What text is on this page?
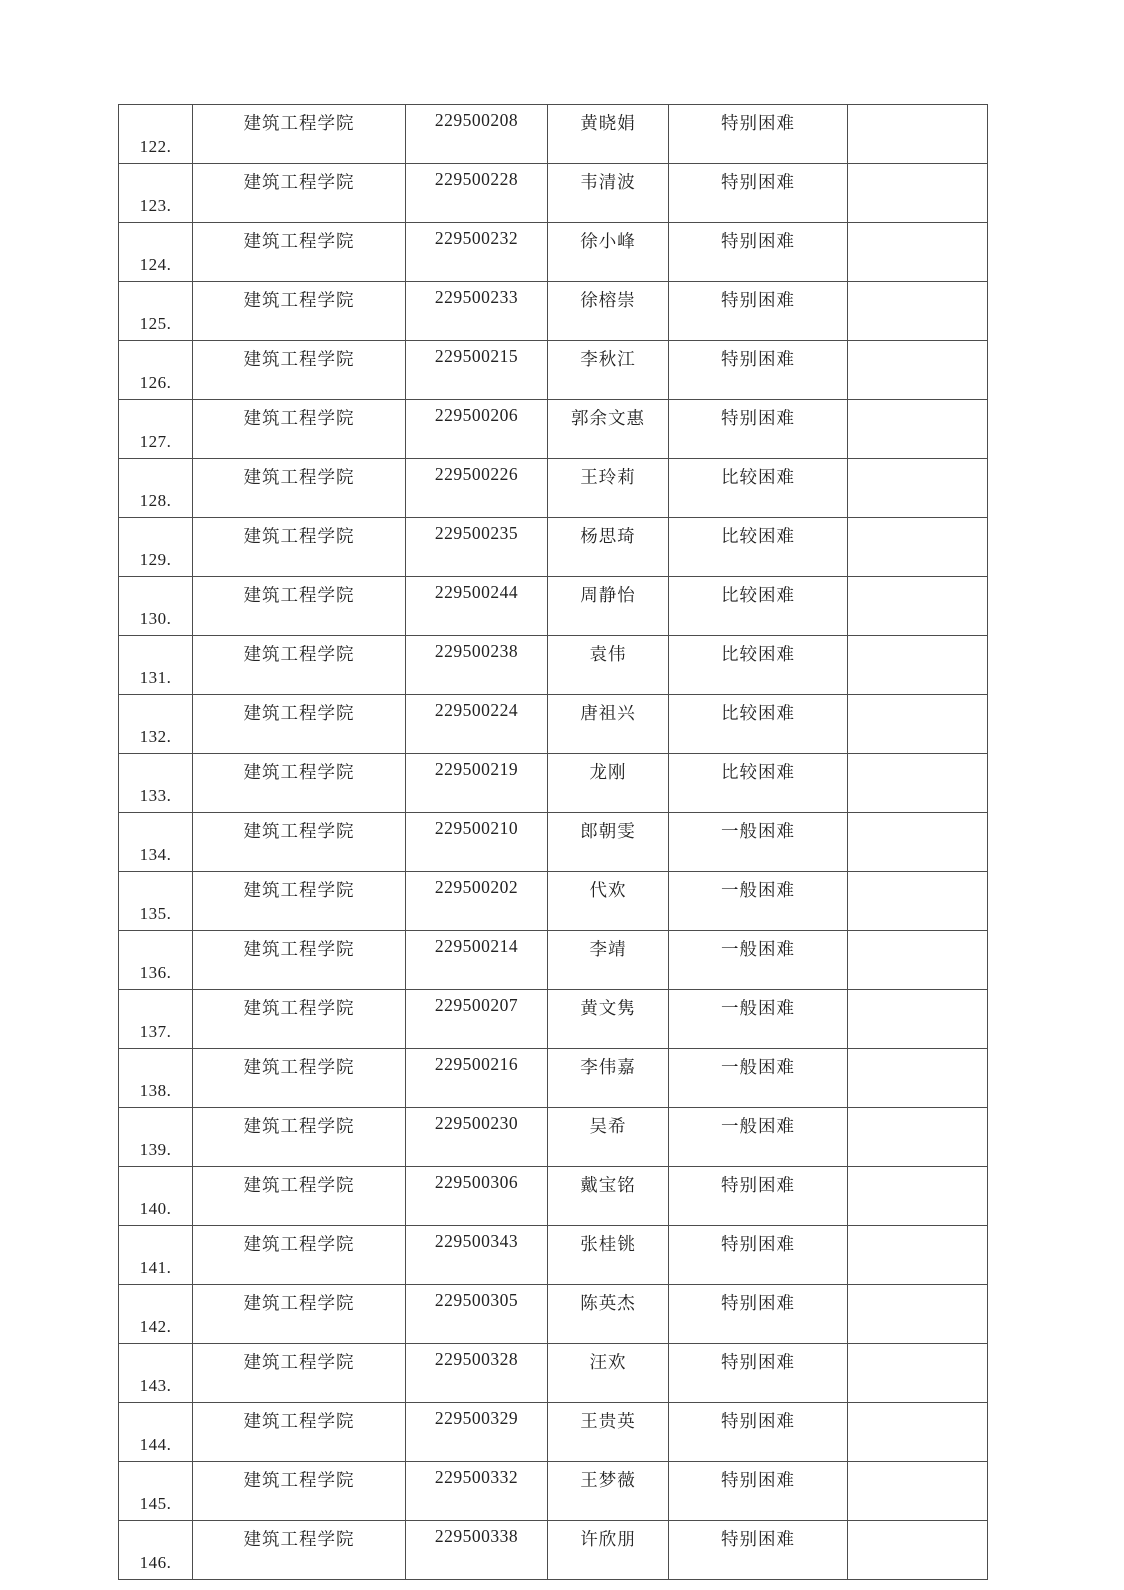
122.	建筑工程学院	229500208	黄晓娟	特别困难	
123.	建筑工程学院	229500228	韦清波	特别困难	
124.	建筑工程学院	229500232	徐小峰	特别困难	
125.	建筑工程学院	229500233	徐榕崇	特别困难	
126.	建筑工程学院	229500215	李秋江	特别困难	
127.	建筑工程学院	229500206	郭余文惠	特别困难	
128.	建筑工程学院	229500226	王玲莉	比较困难	
129.	建筑工程学院	229500235	杨思琦	比较困难	
130.	建筑工程学院	229500244	周静怡	比较困难	
131.	建筑工程学院	229500238	袁伟	比较困难	
132.	建筑工程学院	229500224	唐祖兴	比较困难	
133.	建筑工程学院	229500219	龙刚	比较困难	
134.	建筑工程学院	229500210	郎朝雯	一般困难	
135.	建筑工程学院	229500202	代欢	一般困难	
136.	建筑工程学院	229500214	李靖	一般困难	
137.	建筑工程学院	229500207	黄文隽	一般困难	
138.	建筑工程学院	229500216	李伟嘉	一般困难	
139.	建筑工程学院	229500230	吴希	一般困难	
140.	建筑工程学院	229500306	戴宝铭	特别困难	
141.	建筑工程学院	229500343	张桂铫	特别困难	
142.	建筑工程学院	229500305	陈英杰	特别困难	
143.	建筑工程学院	229500328	汪欢	特别困难	
144.	建筑工程学院	229500329	王贵英	特别困难	
145.	建筑工程学院	229500332	王梦薇	特别困难	
146.	建筑工程学院	229500338	许欣朋	特别困难	
